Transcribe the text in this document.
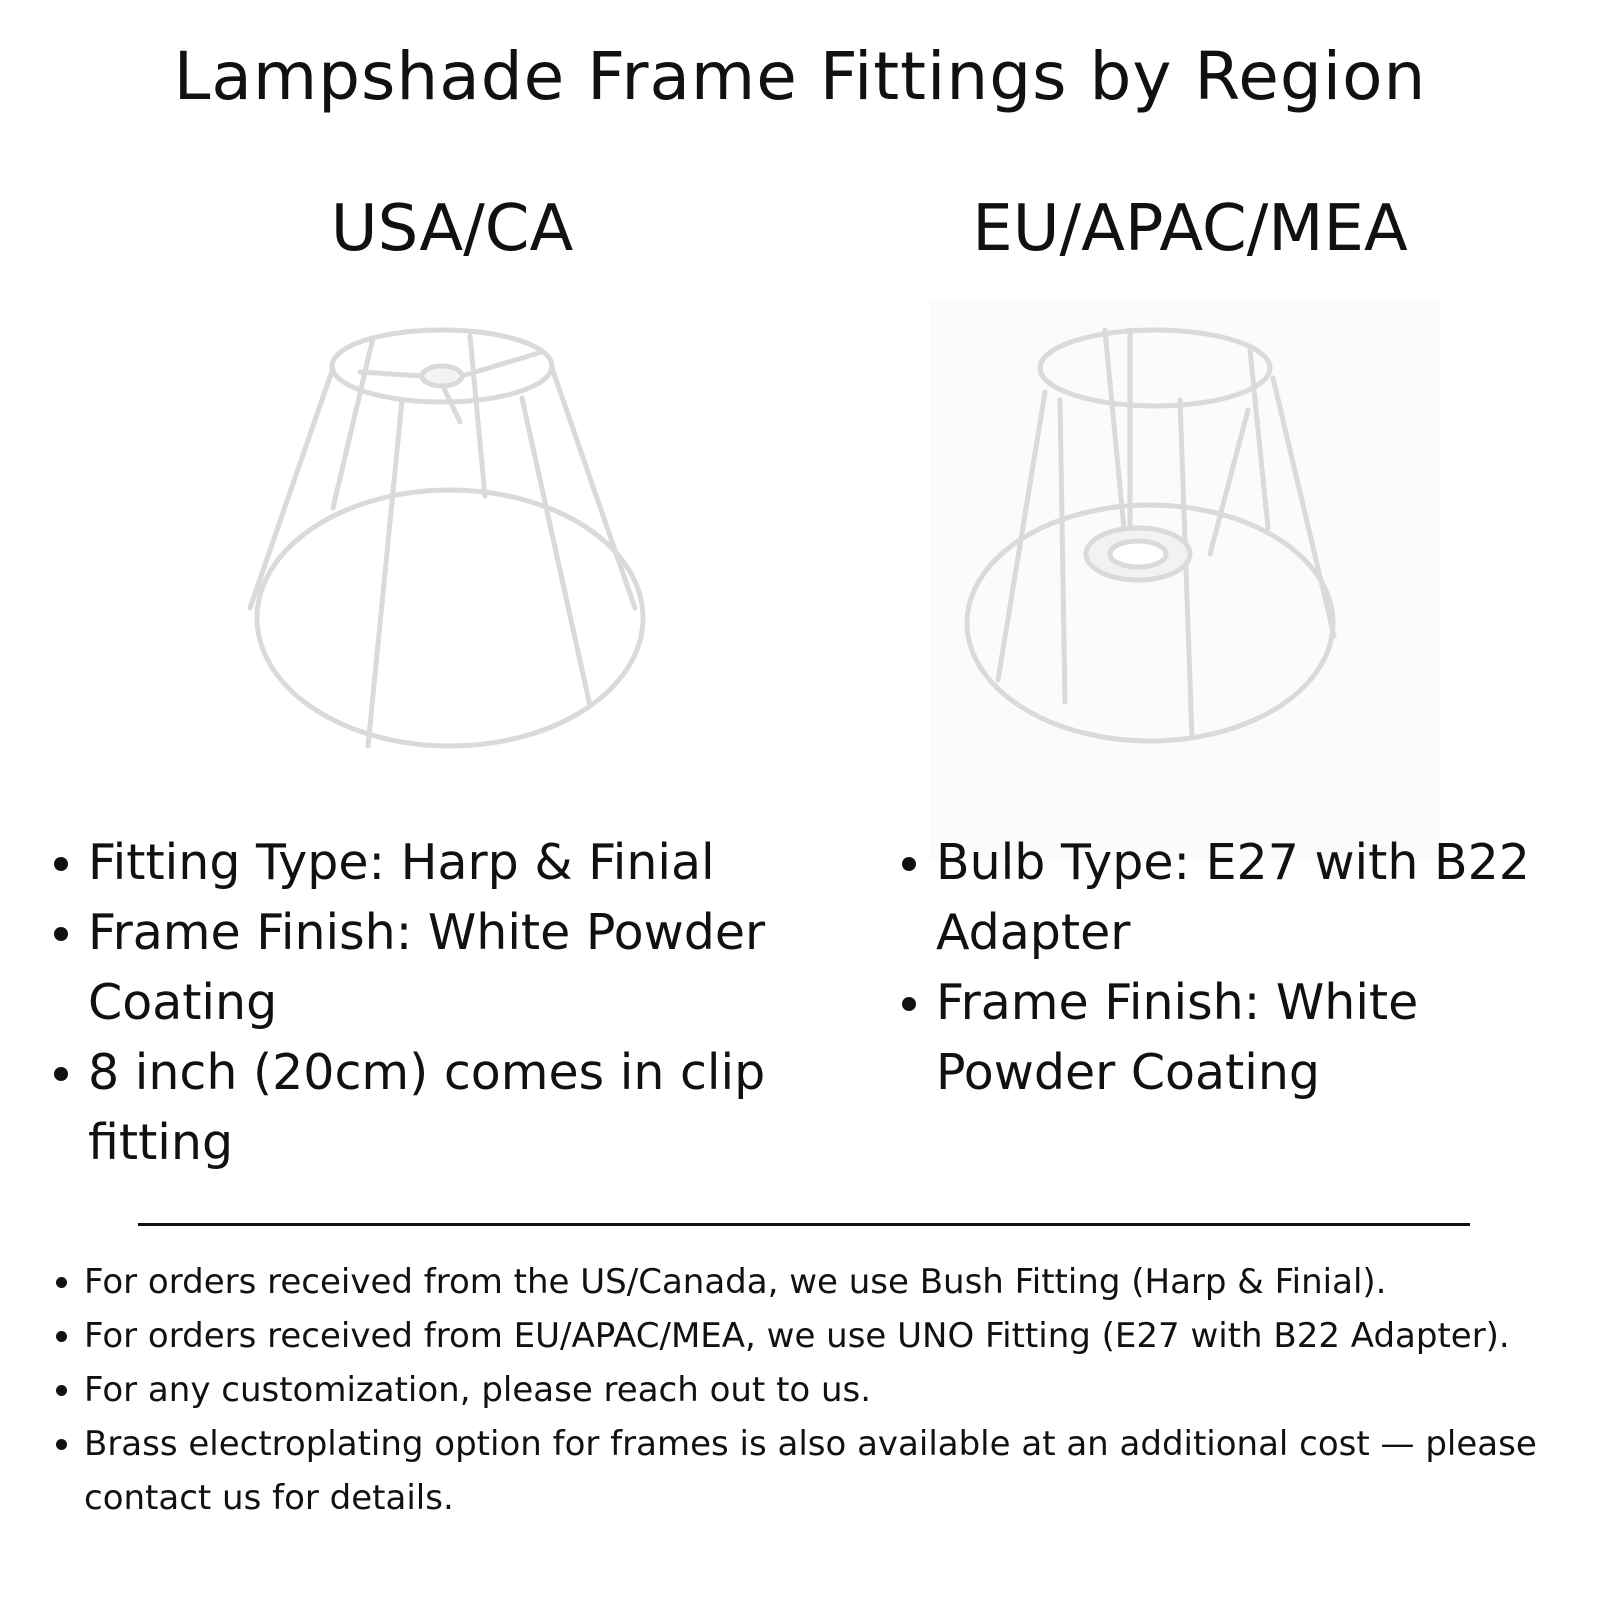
Lampshade Frame Fittings by Region
USA/CA	EU/APAC/MEA
Fitting Type: Harp & Finial
Frame Finish: White Powder Coating
8 inch (20cm) comes in clip fitting
Bulb Type: E27 with B22 Adapter
Frame Finish: White Powder Coating
For orders received from the US/Canada, we use Bush Fitting (Harp & Finial).
For orders received from EU/APAC/MEA, we use UNO Fitting (E27 with B22 Adapter).
For any customization, please reach out to us.
Brass electroplating option for frames is also available at an additional cost — please contact us for details.
